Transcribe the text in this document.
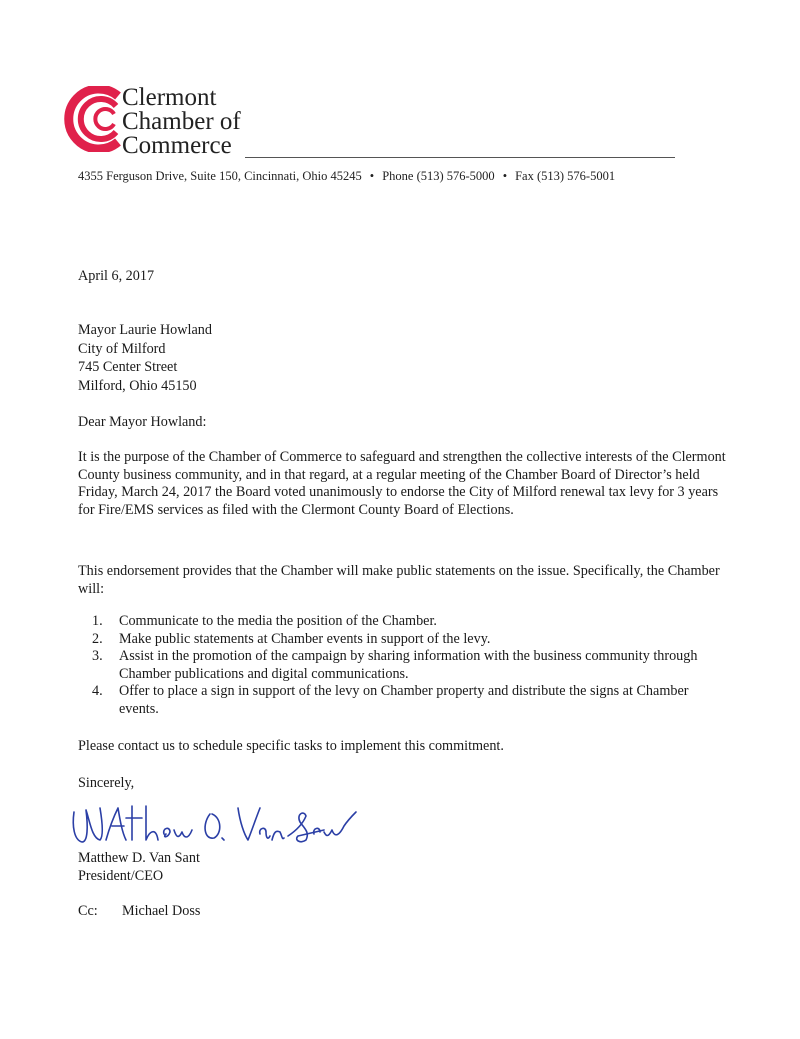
Clermont
Chamber of
Commerce
4355 Ferguson Drive, Suite 150, Cincinnati, Ohio 45245 • Phone (513) 576-5000 • Fax (513) 576-5001
April 6, 2017
Mayor Laurie Howland
City of Milford
745 Center Street
Milford, Ohio 45150
Dear Mayor Howland:
It is the purpose of the Chamber of Commerce to safeguard and strengthen the collective interests of the Clermont County business community, and in that regard, at a regular meeting of the Chamber Board of Director’s held Friday, March 24, 2017 the Board voted unanimously to endorse the City of Milford renewal tax levy for 3 years for Fire/EMS services as filed with the Clermont County Board of Elections.
This endorsement provides that the Chamber will make public statements on the issue. Specifically, the Chamber will:
1.	Communicate to the media the position of the Chamber.
2.	Make public statements at Chamber events in support of the levy.
3.	Assist in the promotion of the campaign by sharing information with the business community through Chamber publications and digital communications.
4.	Offer to place a sign in support of the levy on Chamber property and distribute the signs at Chamber events.
Please contact us to schedule specific tasks to implement this commitment.
Sincerely,
Matthew D. Van Sant
President/CEO
Cc: Michael Doss
